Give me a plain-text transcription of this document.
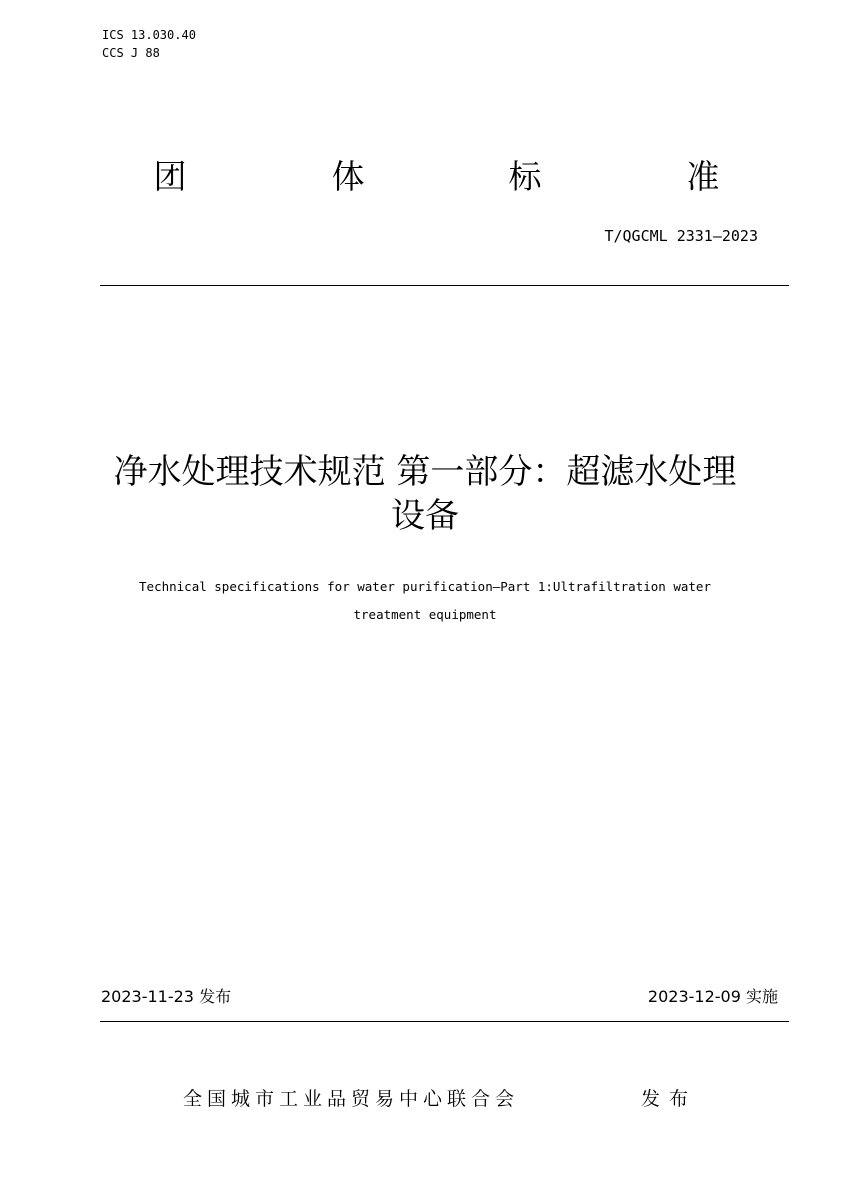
ICS 13.030.40
CCS J 88
团	体	标	准
T/QGCML 2331—2023
净水处理技术规范 第一部分：超滤水处理
设备
Technical specifications for water purification—Part 1:Ultrafiltration water
treatment equipment
2023-11-23 发布	2023-12-09 实施
全国城市工业品贸易中心联合会	发布
